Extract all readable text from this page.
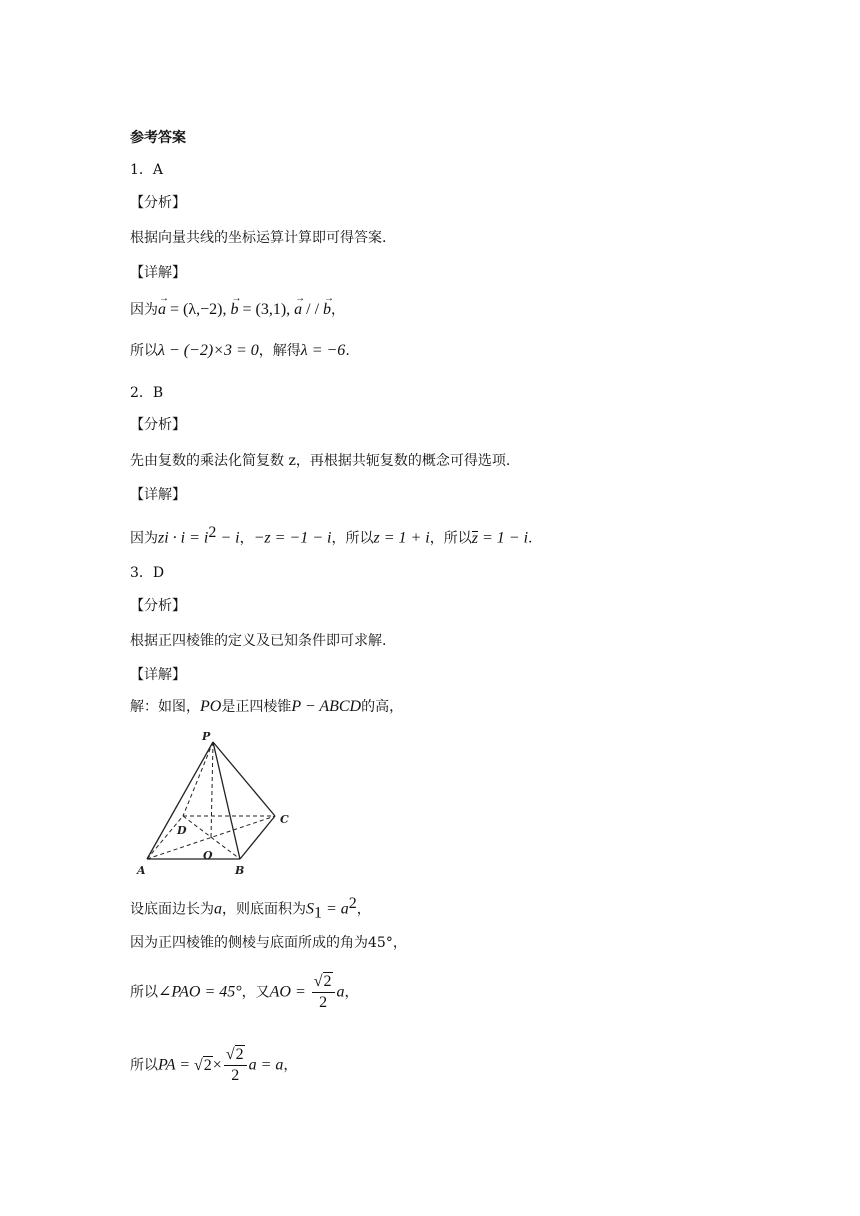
参考答案
1．A
【分析】
根据向量共线的坐标运算计算即可得答案.
【详解】
因为→ a = (λ,−2), → b = (3,1), → a / / → b，
所以λ − (−2)×3 = 0，解得λ = −6.
2．B
【分析】
先由复数的乘法化简复数 z，再根据共轭复数的概念可得选项.
【详解】
因为zi · $i = i^2 - i$，−z = −1 − i，所以z = 1 + i，所以z = 1 − i.
3．D
【分析】
根据正四棱锥的定义及已知条件即可求解.
【详解】
解：如图，PO是正四棱锥P − ABCD的高，
P
A	B
C
D
O
设底面边长为a，则底面积为$S_1 = a^2$，
因为正四棱锥的侧棱与底面所成的角为45°，
所以∠PAO = 45°，又AO = $\frac{√2}{2}$ a，
所以PA = $√2\times \frac{√2}{2}$ a = a，
